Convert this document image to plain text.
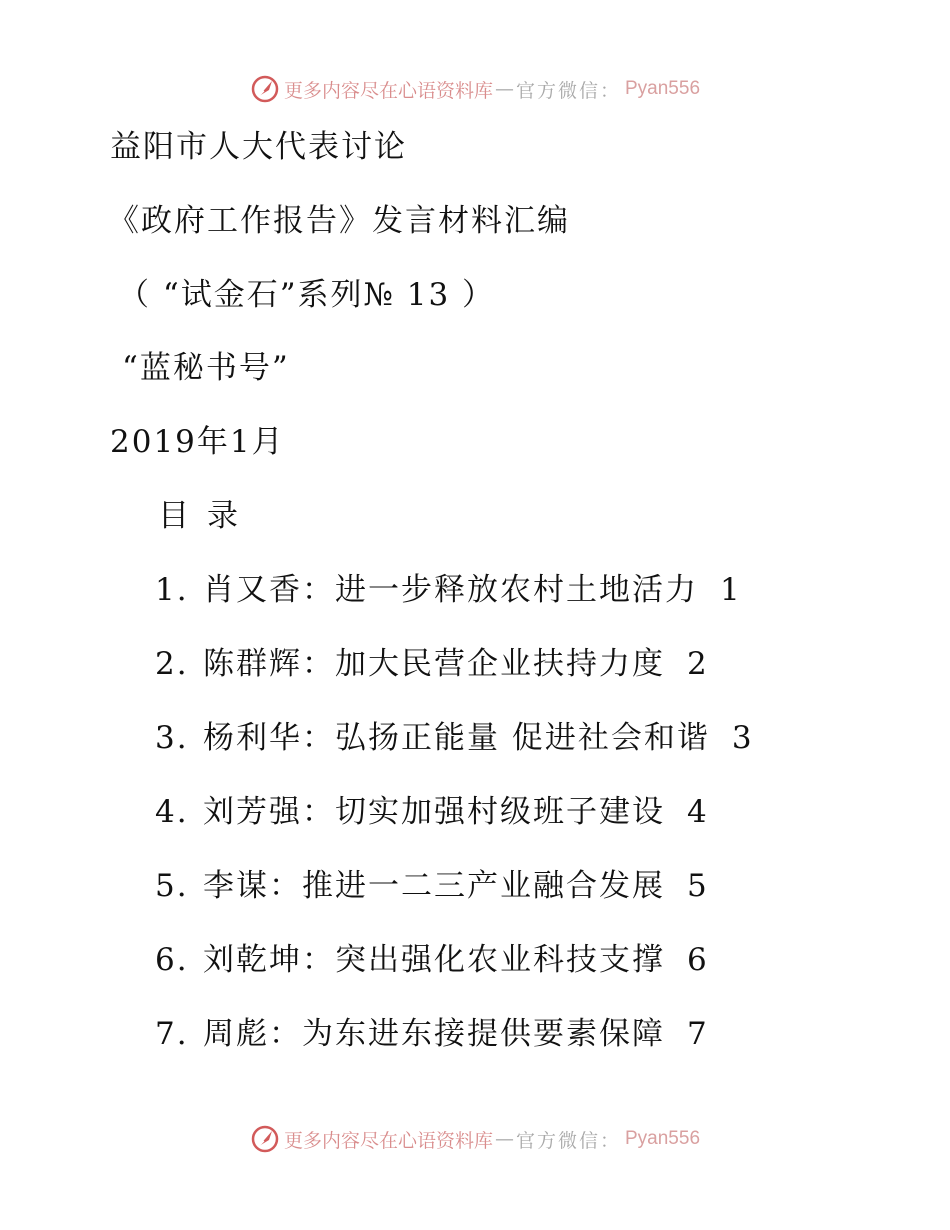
更多内容尽在心语资料库 — 官方微信： Pyan556
益阳市人大代表讨论
《政府工作报告》发言材料汇编
（ “试金石”系列№ 13 ）
“蓝秘书号”
2019年1月
目录
1. 肖又香：进一步释放农村土地活力 1
2. 陈群辉：加大民营企业扶持力度 2
3. 杨利华：弘扬正能量 促进社会和谐 3
4. 刘芳强：切实加强村级班子建设 4
5. 李谋：推进一二三产业融合发展 5
6. 刘乾坤：突出强化农业科技支撑 6
7. 周彪：为东进东接提供要素保障 7
更多内容尽在心语资料库 — 官方微信： Pyan556
